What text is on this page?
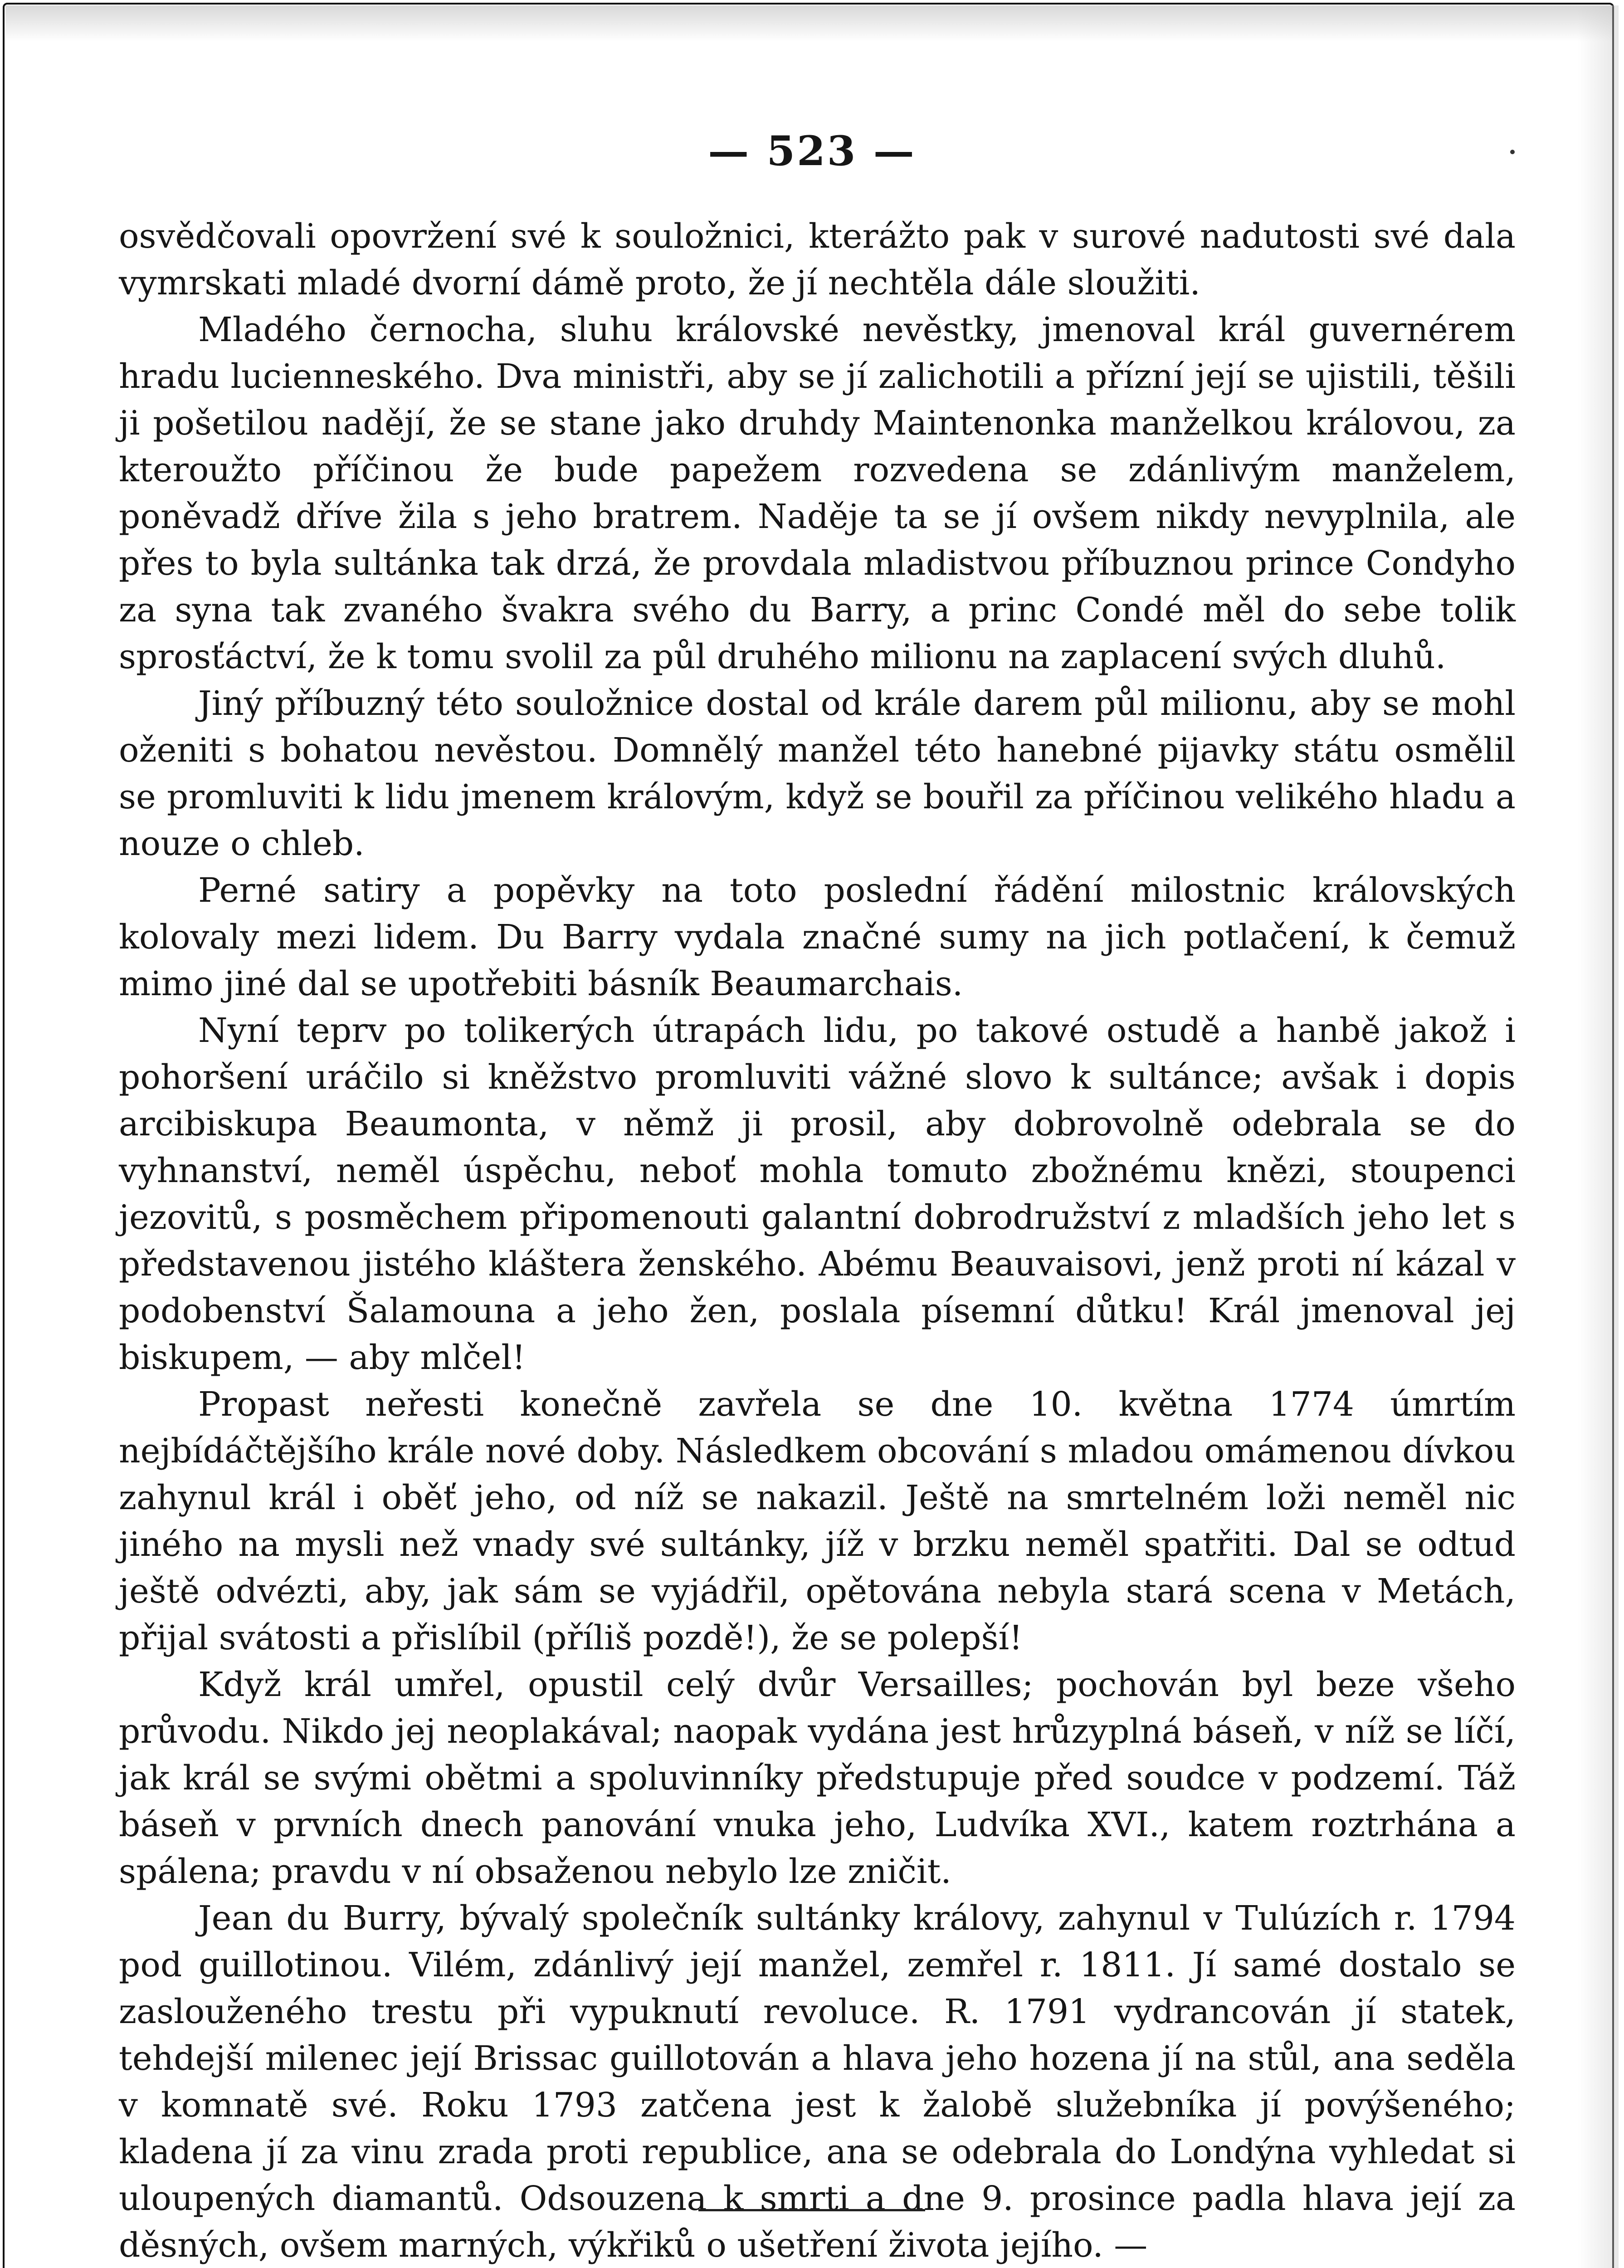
— 523 —

osvědčovali opovržení své k souložnici, kterážto pak v surové nadutosti své dala vymrskati mladé dvorní dámě proto, že jí nechtěla dále sloužiti.

Mladého černocha, sluhu královské nevěstky, jmenoval král guvernérem hradu lucienneského. Dva ministři, aby se jí zalichotili a přízní její se ujistili, těšili ji pošetilou nadějí, že se stane jako druhdy Maintenonka manželkou královou, za kteroužto příčinou že bude papežem rozvedena se zdánlivým manželem, poněvadž dříve žila s jeho bratrem. Naděje ta se jí ovšem nikdy nevyplnila, ale přes to byla sultánka tak drzá, že provdala mladistvou příbuznou prince Condyho za syna tak zvaného švakra svého du Barry, a princ Condé měl do sebe tolik sprosťáctví, že k tomu svolil za půl druhého milionu na zaplacení svých dluhů.

Jiný příbuzný této souložnice dostal od krále darem půl milionu, aby se mohl oženiti s bohatou nevěstou. Domnělý manžel této hanebné pijavky státu osmělil se promluviti k lidu jmenem královým, když se bouřil za příčinou velikého hladu a nouze o chleb.

Perné satiry a popěvky na toto poslední řádění milostnic královských kolovaly mezi lidem. Du Barry vydala značné sumy na jich potlačení, k čemuž mimo jiné dal se upotřebiti básník Beaumarchais.

Nyní teprv po tolikerých útrapách lidu, po takové ostudě a hanbě jakož i pohoršení uráčilo si kněžstvo promluviti vážné slovo k sultánce; avšak i dopis arcibiskupa Beaumonta, v němž ji prosil, aby dobrovolně odebrala se do vyhnanství, neměl úspěchu, neboť mohla tomuto zbožnému knězi, stoupenci jezovitů, s posměchem připomenouti galantní dobrodružství z mladších jeho let s představenou jistého kláštera ženského. Abému Beauvaisovi, jenž proti ní kázal v podobenství Šalamouna a jeho žen, poslala písemní důtku! Král jmenoval jej biskupem, — aby mlčel!

Propast neřesti konečně zavřela se dne 10. května 1774 úmrtím nejbídáčtějšího krále nové doby. Následkem obcování s mladou omámenou dívkou zahynul král i oběť jeho, od níž se nakazil. Ještě na smrtelném loži neměl nic jiného na mysli než vnady své sultánky, jíž v brzku neměl spatřiti. Dal se odtud ještě odvézti, aby, jak sám se vyjádřil, opětována nebyla stará scena v Metách, přijal svátosti a přislíbil (příliš pozdě!), že se polepší!

Když král umřel, opustil celý dvůr Versailles; pochován byl beze všeho průvodu. Nikdo jej neoplakával; naopak vydána jest hrůzyplná báseň, v níž se líčí, jak král se svými obětmi a spoluvinníky předstupuje před soudce v podzemí. Táž báseň v prvních dnech panování vnuka jeho, Ludvíka XVI., katem roztrhána a spálena; pravdu v ní obsaženou nebylo lze zničit.

Jean du Burry, bývalý společník sultánky královy, zahynul v Tulúzích r. 1794 pod guillotinou. Vilém, zdánlivý její manžel, zemřel r. 1811. Jí samé dostalo se zaslouženého trestu při vypuknutí revoluce. R. 1791 vydrancován jí statek, tehdejší milenec její Brissac guillotován a hlava jeho hozena jí na stůl, ana seděla v komnatě své. Roku 1793 zatčena jest k žalobě služebníka jí povýšeného; kladena jí za vinu zrada proti republice, ana se odebrala do Londýna vyhledat si uloupených diamantů. Odsouzena k smrti a dne 9. prosince padla hlava její za děsných, ovšem marných, výkřiků o ušetření života jejího. —
